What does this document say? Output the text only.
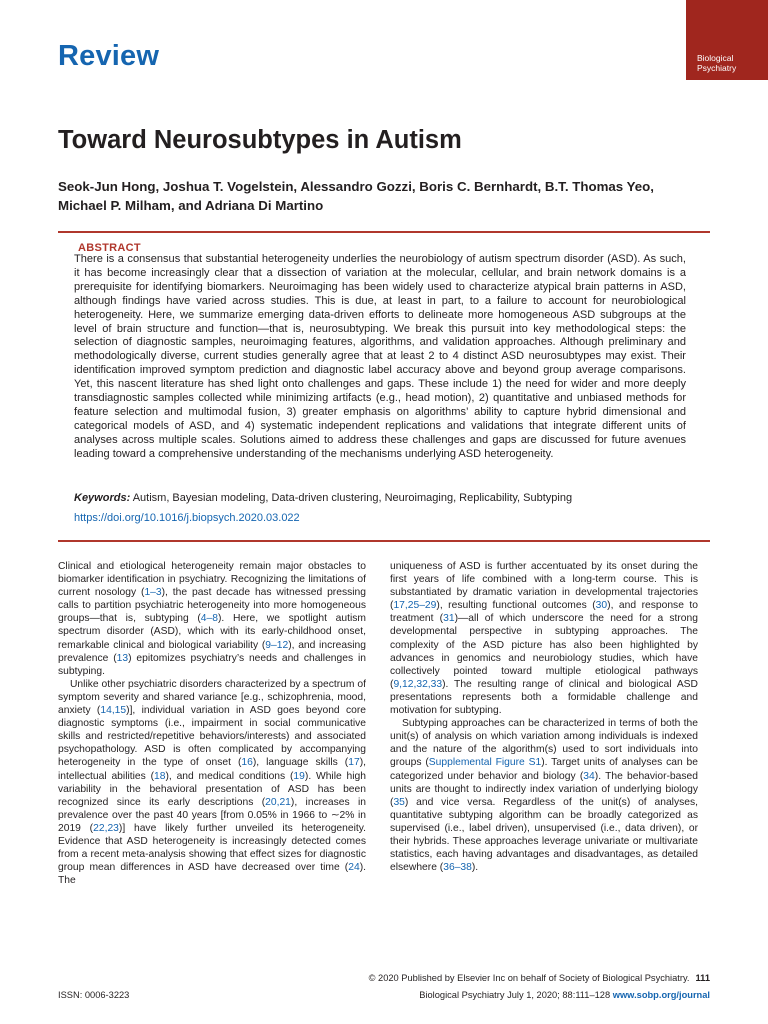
Review	Biological
Psychiatry
Toward Neurosubtypes in Autism
Seok-Jun Hong, Joshua T. Vogelstein, Alessandro Gozzi, Boris C. Bernhardt, B.T. Thomas Yeo,
Michael P. Milham, and Adriana Di Martino
ABSTRACT
There is a consensus that substantial heterogeneity underlies the neurobiology of autism spectrum disorder (ASD). As such, it has become increasingly clear that a dissection of variation at the molecular, cellular, and brain network domains is a prerequisite for identifying biomarkers. Neuroimaging has been widely used to characterize atypical brain patterns in ASD, although findings have varied across studies. This is due, at least in part, to a failure to account for neurobiological heterogeneity. Here, we summarize emerging data-driven efforts to delineate more homogeneous ASD subgroups at the level of brain structure and function—that is, neurosubtyping. We break this pursuit into key methodological steps: the selection of diagnostic samples, neuroimaging features, algorithms, and validation approaches. Although preliminary and methodologically diverse, current studies generally agree that at least 2 to 4 distinct ASD neurosubtypes may exist. Their identification improved symptom prediction and diagnostic label accuracy above and beyond group average comparisons. Yet, this nascent literature has shed light onto challenges and gaps. These include 1) the need for wider and more deeply transdiagnostic samples collected while minimizing artifacts (e.g., head motion), 2) quantitative and unbiased methods for feature selection and multimodal fusion, 3) greater emphasis on algorithms’ ability to capture hybrid dimensional and categorical models of ASD, and 4) systematic independent replications and validations that integrate different units of analyses across multiple scales. Solutions aimed to address these challenges and gaps are discussed for future avenues leading toward a comprehensive understanding of the mechanisms underlying ASD heterogeneity.
Keywords: Autism, Bayesian modeling, Data-driven clustering, Neuroimaging, Replicability, Subtyping
https://doi.org/10.1016/j.biopsych.2020.03.022

Clinical and etiological heterogeneity remain major obstacles to biomarker identification in psychiatry. Recognizing the limitations of current nosology (1–3), the past decade has witnessed pressing calls to partition psychiatric heterogeneity into more homogeneous groups—that is, subtyping (4–8). Here, we spotlight autism spectrum disorder (ASD), which with its early-childhood onset, remarkable clinical and biological variability (9–12), and increasing prevalence (13) epitomizes psychiatry’s needs and challenges in subtyping.

Unlike other psychiatric disorders characterized by a spectrum of symptom severity and shared variance [e.g., schizophrenia, mood, anxiety (14,15)], individual variation in ASD goes beyond core diagnostic symptoms (i.e., impairment in social communicative skills and restricted/repetitive behaviors/interests) and associated psychopathology. ASD is often complicated by accompanying heterogeneity in the type of onset (16), language skills (17), intellectual abilities (18), and medical conditions (19). While high variability in the behavioral presentation of ASD has been recognized since its early descriptions (20,21), increases in prevalence over the past 40 years [from 0.05% in 1966 to ∼2% in 2019 (22,23)] have likely further unveiled its heterogeneity. Evidence that ASD heterogeneity is increasingly detected comes from a recent meta-analysis showing that effect sizes for diagnostic group mean differences in ASD have decreased over time (24). The

uniqueness of ASD is further accentuated by its onset during the first years of life combined with a long-term course. This is substantiated by dramatic variation in developmental trajectories (17,25–29), resulting functional outcomes (30), and response to treatment (31)—all of which underscore the need for a strong developmental perspective in subtyping approaches. The complexity of the ASD picture has also been highlighted by advances in genomics and neurobiology studies, which have collectively pointed toward multiple etiological pathways (9,12,32,33). The resulting range of clinical and biological ASD presentations represents both a formidable challenge and motivation for subtyping.

Subtyping approaches can be characterized in terms of both the unit(s) of analysis on which variation among individuals is indexed and the nature of the algorithm(s) used to sort individuals into groups (Supplemental Figure S1). Target units of analyses can be categorized under behavior and biology (34). The behavior-based units are thought to indirectly index variation of underlying biology (35) and vice versa. Regardless of the unit(s) of analyses, quantitative subtyping algorithm can be broadly categorized as supervised (i.e., label driven), unsupervised (i.e., data driven), or their hybrids. These approaches leverage univariate or multivariate statistics, each having advantages and disadvantages, as detailed elsewhere (36–38).

© 2020 Published by Elsevier Inc on behalf of Society of Biological Psychiatry. 111
ISSN: 0006-3223	Biological Psychiatry July 1, 2020; 88:111–128 www.sobp.org/journal
